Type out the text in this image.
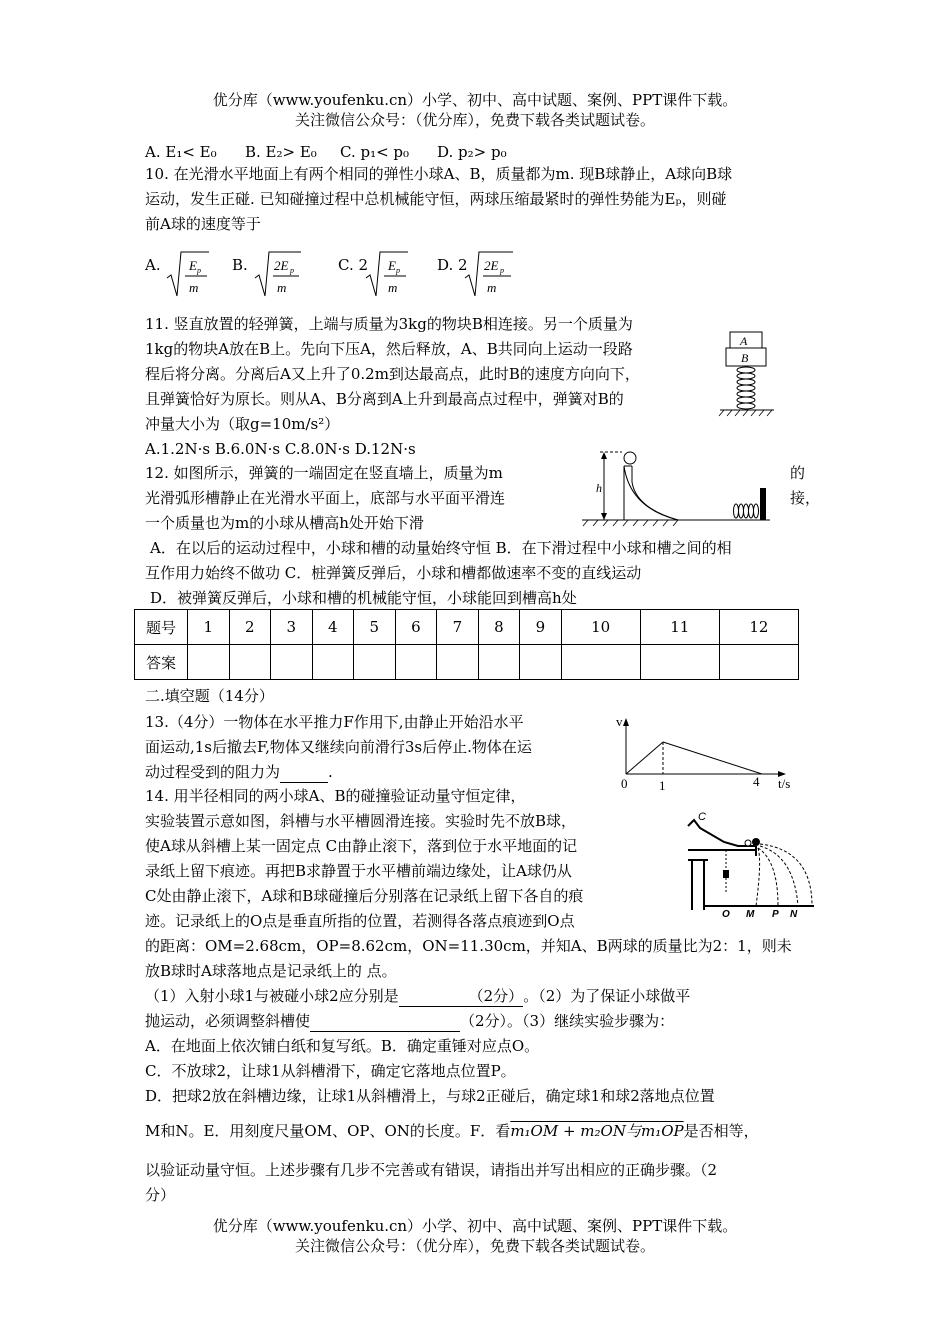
优分库（www.youfenku.cn）小学、初中、高中试题、案例、PPT课件下载。
关注微信公众号：（优分库），免费下载各类试题试卷。
A. E₁< E₀ B. E₂> E₀ C. p₁< p₀ D. p₂> p₀
10. 在光滑水平地面上有两个相同的弹性小球A、B，质量都为m. 现B球静止，A球向B球
运动，发生正碰. 已知碰撞过程中总机械能守恒，两球压缩最紧时的弹性势能为Eₚ，则碰
前A球的速度等于
A. E p
m
B. 2E p
m
C. 2 E p
m
D. 2 2E p
m
11. 竖直放置的轻弹簧，上端与质量为3kg的物块B相连接。另一个质量为
1kg的物块A放在B上。先向下压A，然后释放，A、B共同向上运动一段路
程后将分离。分离后A又上升了0.2m到达最高点，此时B的速度方向向下，
且弹簧恰好为原长。则从A、B分离到A上升到最高点过程中，弹簧对B的
冲量大小为（取g=10m/s²）
A.1.2N·s B.6.0N·s C.8.0N·s D.12N·s
A
B
12. 如图所示，弹簧的一端固定在竖直墙上，质量为m	的
光滑弧形槽静止在光滑水平面上，底部与水平面平滑连	接，
一个质量也为m的小球从槽高h处开始下滑
A．在以后的运动过程中，小球和槽的动量始终守恒 B．在下滑过程中小球和槽之间的相
互作用力始终不做功 C．桩弹簧反弹后，小球和槽都做速率不变的直线运动
D．被弹簧反弹后，小球和槽的机械能守恒，小球能回到槽高h处
h
题号	1	2	3	4	5	6	7	8	9	10	11	12
答案												
二.填空题（14分）
13.（4分）一物体在水平推力F作用下,由静止开始沿水平
面运动,1s后撤去F,物体又继续向前滑行3s后停止.物体在运
动过程受到的阻力为	.
v
0 1	4 t/s
14. 用半径相同的两小球A、B的碰撞验证动量守恒定律，
实验装置示意如图，斜槽与水平槽圆滑连接。实验时先不放B球，
使A球从斜槽上某一固定点 C由静止滚下，落到位于水平地面的记
录纸上留下痕迹。再把B求静置于水平槽前端边缘处，让A球仍从
C处由静止滚下，A球和B球碰撞后分别落在记录纸上留下各自的痕
迹。记录纸上的O点是垂直所指的位置，若测得各落点痕迹到O点
的距离：OM=2.68cm，OP=8.62cm，ON=11.30cm，并知A、B两球的质量比为2：1，则未
放B球时A球落地点是记录纸上的 点。
C
O M P N
（1）入射小球1与被碰小球2应分别是	（2分）。（2）为了保证小球做平
抛运动，必须调整斜槽使	（2分）。（3）继续实验步骤为：
A．在地面上依次铺白纸和复写纸。B．确定重锤对应点O。
C．不放球2，让球1从斜槽滑下，确定它落地点位置P。
D．把球2放在斜槽边缘，让球1从斜槽滑上，与球2正碰后，确定球1和球2落地点位置
M和N。E．用刻度尺量OM、OP、ON的长度。F．看m₁OM + m₂ON与m₁OP是否相等，
以验证动量守恒。上述步骤有几步不完善或有错误，请指出并写出相应的正确步骤。（2
分）
优分库（www.youfenku.cn）小学、初中、高中试题、案例、PPT课件下载。
关注微信公众号：（优分库），免费下载各类试题试卷。
